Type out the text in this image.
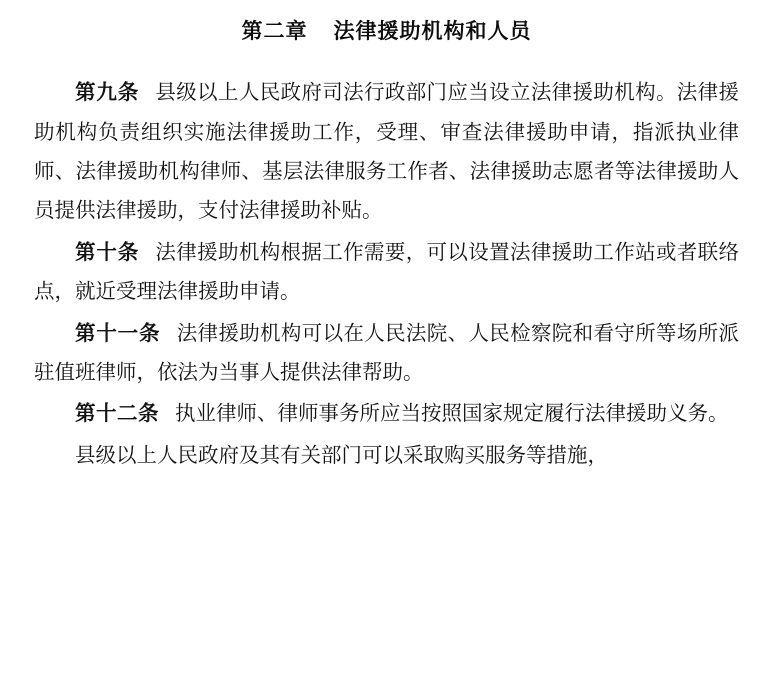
第二章 法律援助机构和人员

第九条 县级以上人民政府司法行政部门应当设立法律援助机构。法律援助机构负责组织实施法律援助工作，受理、审查法律援助申请，指派执业律师、法律援助机构律师、基层法律服务工作者、法律援助志愿者等法律援助人员提供法律援助，支付法律援助补贴。

第十条 法律援助机构根据工作需要，可以设置法律援助工作站或者联络点，就近受理法律援助申请。

第十一条 法律援助机构可以在人民法院、人民检察院和看守所等场所派驻值班律师，依法为当事人提供法律帮助。

第十二条 执业律师、律师事务所应当按照国家规定履行法律援助义务。

县级以上人民政府及其有关部门可以采取购买服务等措施，
